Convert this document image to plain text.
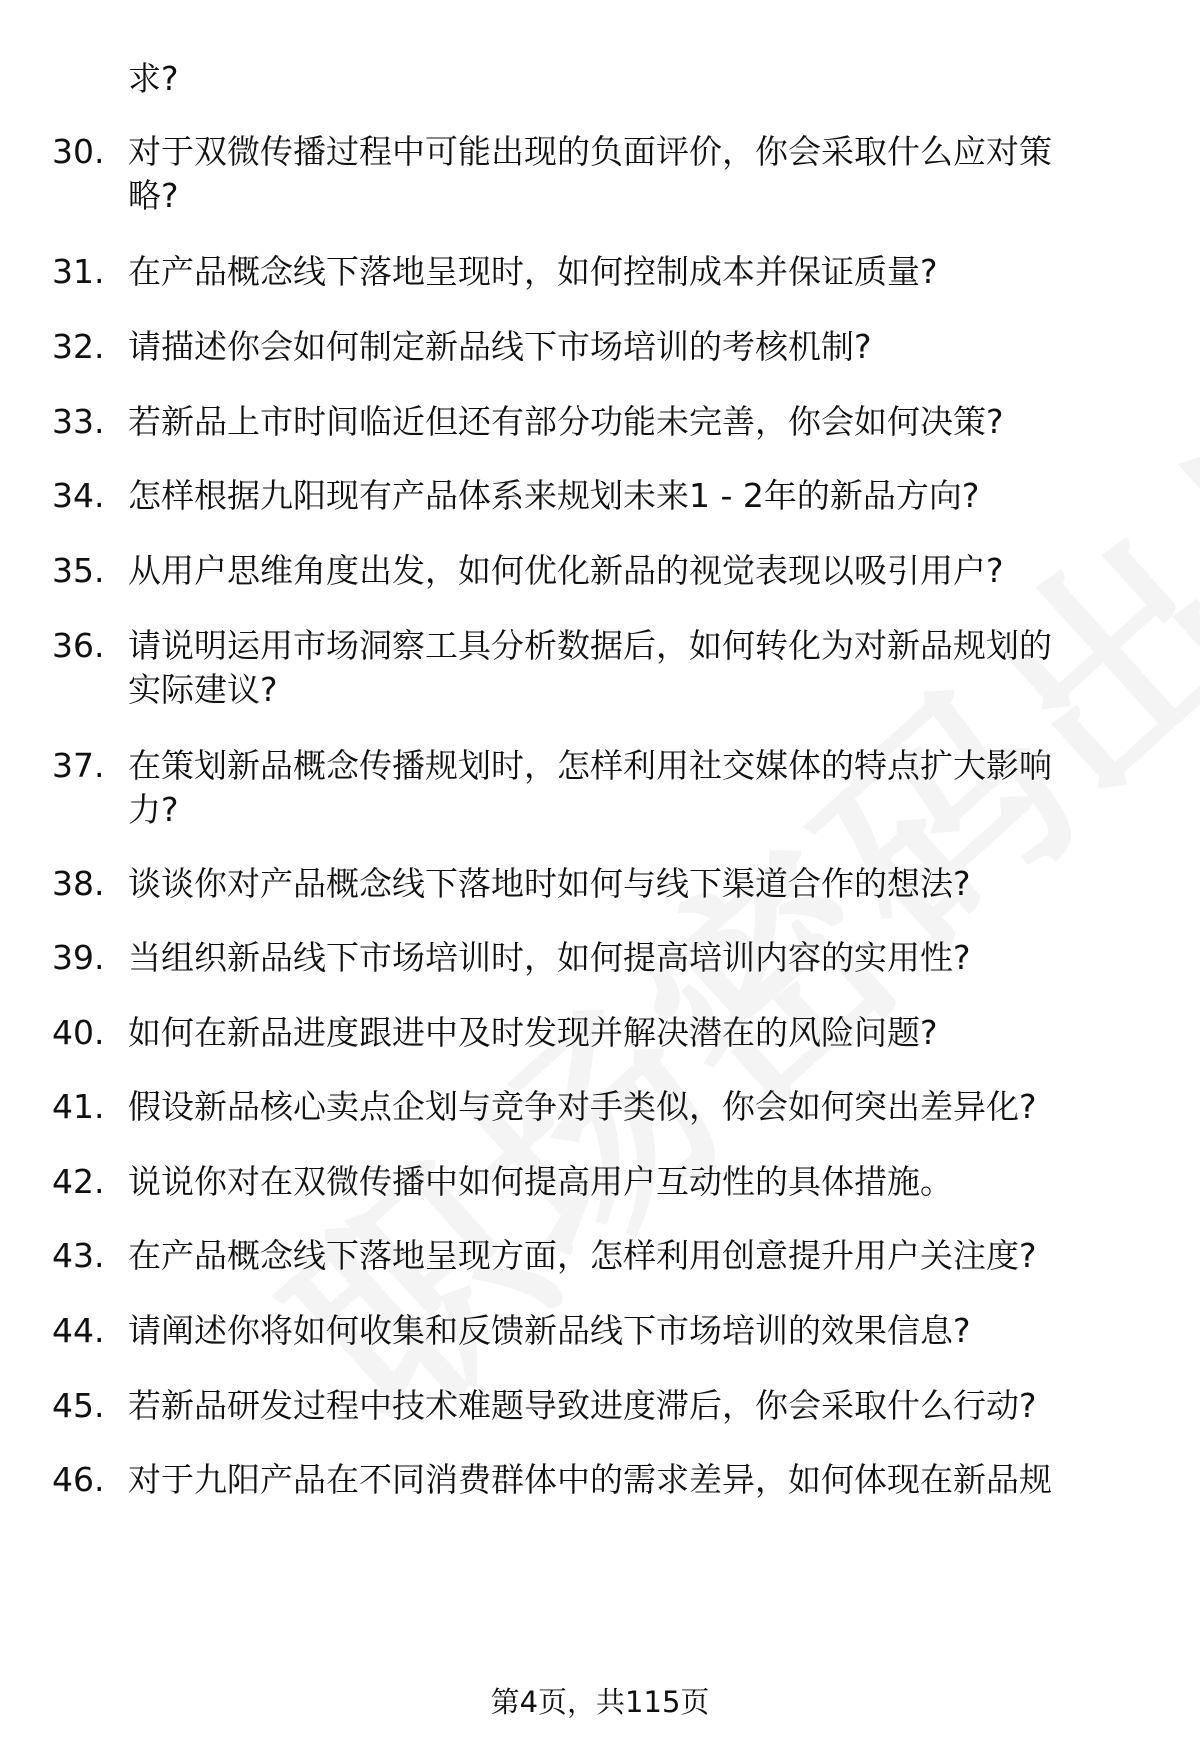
求?
30. 对于双微传播过程中可能出现的负面评价，你会采取什么应对策
略?
31. 在产品概念线下落地呈现时，如何控制成本并保证质量?
32. 请描述你会如何制定新品线下市场培训的考核机制?
33. 若新品上市时间临近但还有部分功能未完善，你会如何决策?
34. 怎样根据九阳现有产品体系来规划未来1 - 2年的新品方向?
35. 从用户思维角度出发，如何优化新品的视觉表现以吸引用户?
36. 请说明运用市场洞察工具分析数据后，如何转化为对新品规划的
实际建议?
37. 在策划新品概念传播规划时，怎样利用社交媒体的特点扩大影响
力?
38. 谈谈你对产品概念线下落地时如何与线下渠道合作的想法?
39. 当组织新品线下市场培训时，如何提高培训内容的实用性?
40. 如何在新品进度跟进中及时发现并解决潜在的风险问题?
41. 假设新品核心卖点企划与竞争对手类似，你会如何突出差异化?
42. 说说你对在双微传播中如何提高用户互动性的具体措施。
43. 在产品概念线下落地呈现方面，怎样利用创意提升用户关注度?
44. 请阐述你将如何收集和反馈新品线下市场培训的效果信息?
45. 若新品研发过程中技术难题导致进度滞后，你会采取什么行动?
46. 对于九阳产品在不同消费群体中的需求差异，如何体现在新品规
第4页，共115页
